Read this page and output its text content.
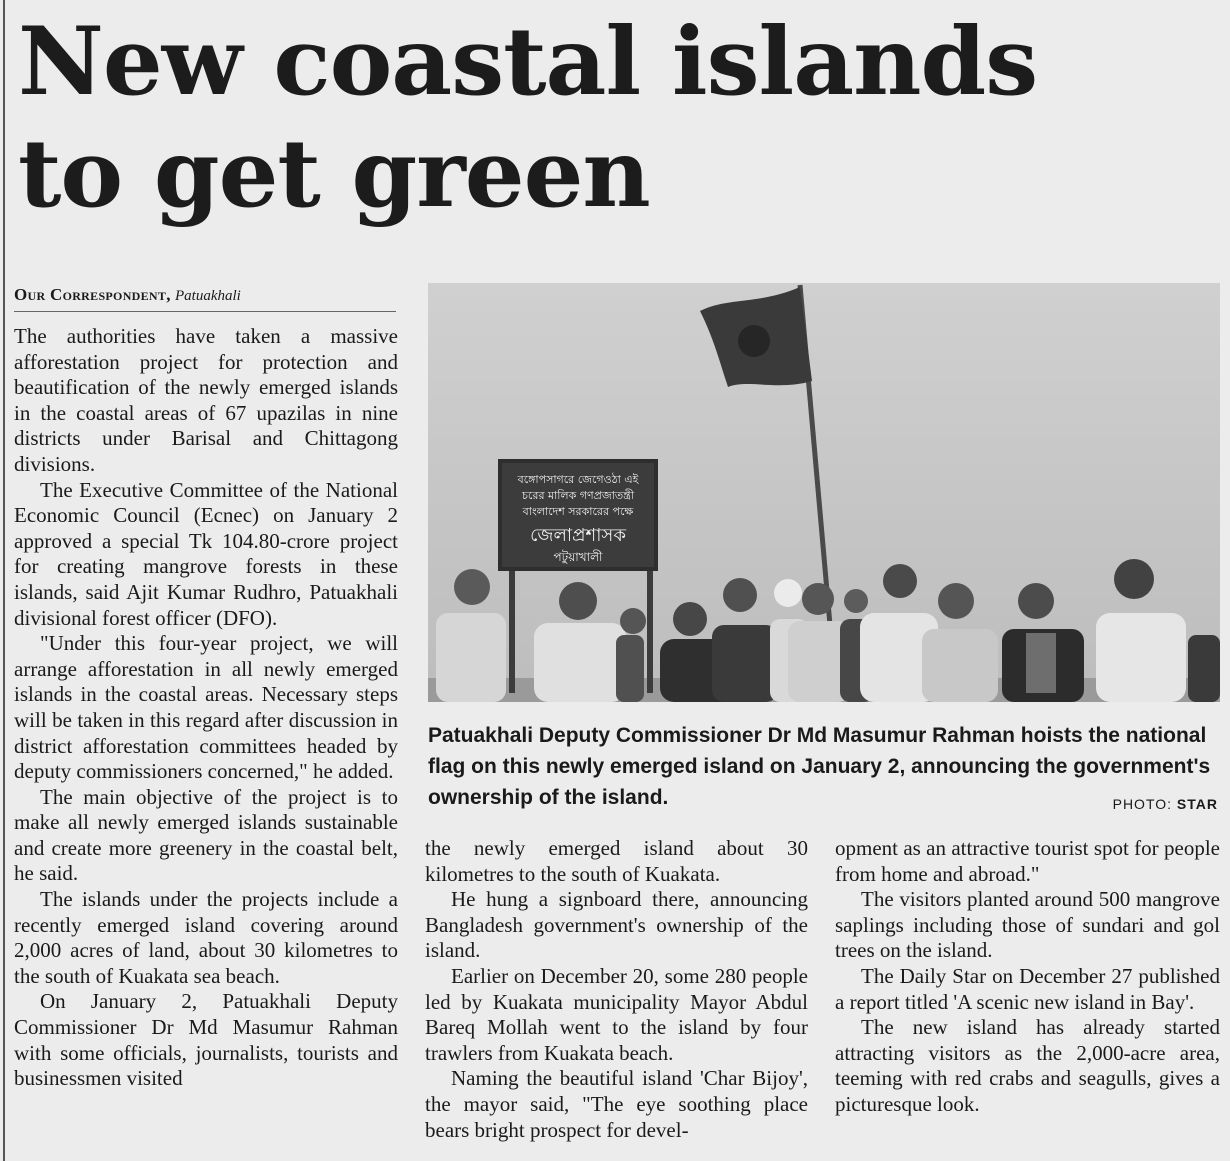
New coastal islands
to get green

Our Correspondent, Patuakhali

The authorities have taken a massive afforestation project for protection and beautification of the newly emerged islands in the coastal areas of 67 upazilas in nine districts under Barisal and Chittagong divisions.

The Executive Committee of the National Economic Council (Ecnec) on January 2 approved a special Tk 104.80-crore project for creating mangrove forests in these islands, said Ajit Kumar Rudhro, Patuakhali divisional forest officer (DFO).

"Under this four-year project, we will arrange afforestation in all newly emerged islands in the coastal areas. Necessary steps will be taken in this regard after discussion in district afforestation committees headed by deputy commissioners concerned," he added.

The main objective of the project is to make all newly emerged islands sustainable and create more greenery in the coastal belt, he said.

The islands under the projects include a recently emerged island covering around 2,000 acres of land, about 30 kilometres to the south of Kuakata sea beach.

On January 2, Patuakhali Deputy Commissioner Dr Md Masumur Rahman with some officials, journalists, tourists and businessmen visited

বঙ্গোপসাগরে জেগেওঠা এই
চরের মালিক গণপ্রজাতন্ত্রী
বাংলাদেশ সরকারের পক্ষে
জেলাপ্রশাসক
পটুয়াখালী

Patuakhali Deputy Commissioner Dr Md Masumur Rahman hoists the national flag on this newly emerged island on January 2, announcing the government's ownership of the island.	PHOTO: STAR

the newly emerged island about 30 kilometres to the south of Kuakata.

He hung a signboard there, announcing Bangladesh government's ownership of the island.

Earlier on December 20, some 280 people led by Kuakata municipality Mayor Abdul Bareq Mollah went to the island by four trawlers from Kuakata beach.

Naming the beautiful island 'Char Bijoy', the mayor said, "The eye soothing place bears bright prospect for devel-

opment as an attractive tourist spot for people from home and abroad."

The visitors planted around 500 mangrove saplings including those of sundari and gol trees on the island.

The Daily Star on December 27 published a report titled 'A scenic new island in Bay'.

The new island has already started attracting visitors as the 2,000-acre area, teeming with red crabs and seagulls, gives a picturesque look.
